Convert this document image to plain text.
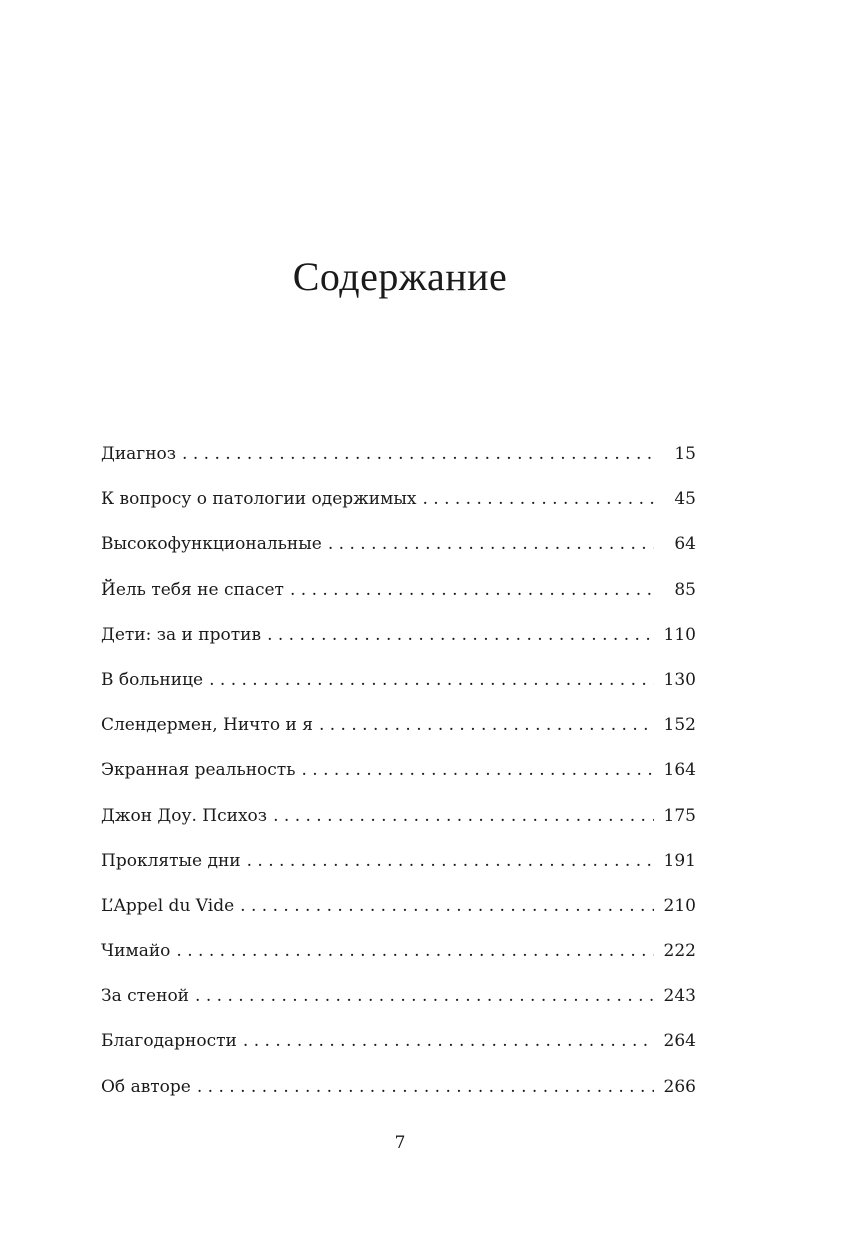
Содержание
Диагноз . . .	15
К вопросу о патологии одержимых . . .	45
Высокофункциональные . . .	64
Йель тебя не спасет . . .	85
Дети: за и против . . .	110
В больнице . . .	130
Слендермен, Ничто и я . . .	152
Экранная реальность . . .	164
Джон Доу. Психоз . . .	175
Проклятые дни . . .	191
L’Appel du Vide . . .	210
Чимайо . . .	222
За стеной . . .	243
Благодарности . . .	264
Об авторе . . .	266
7
